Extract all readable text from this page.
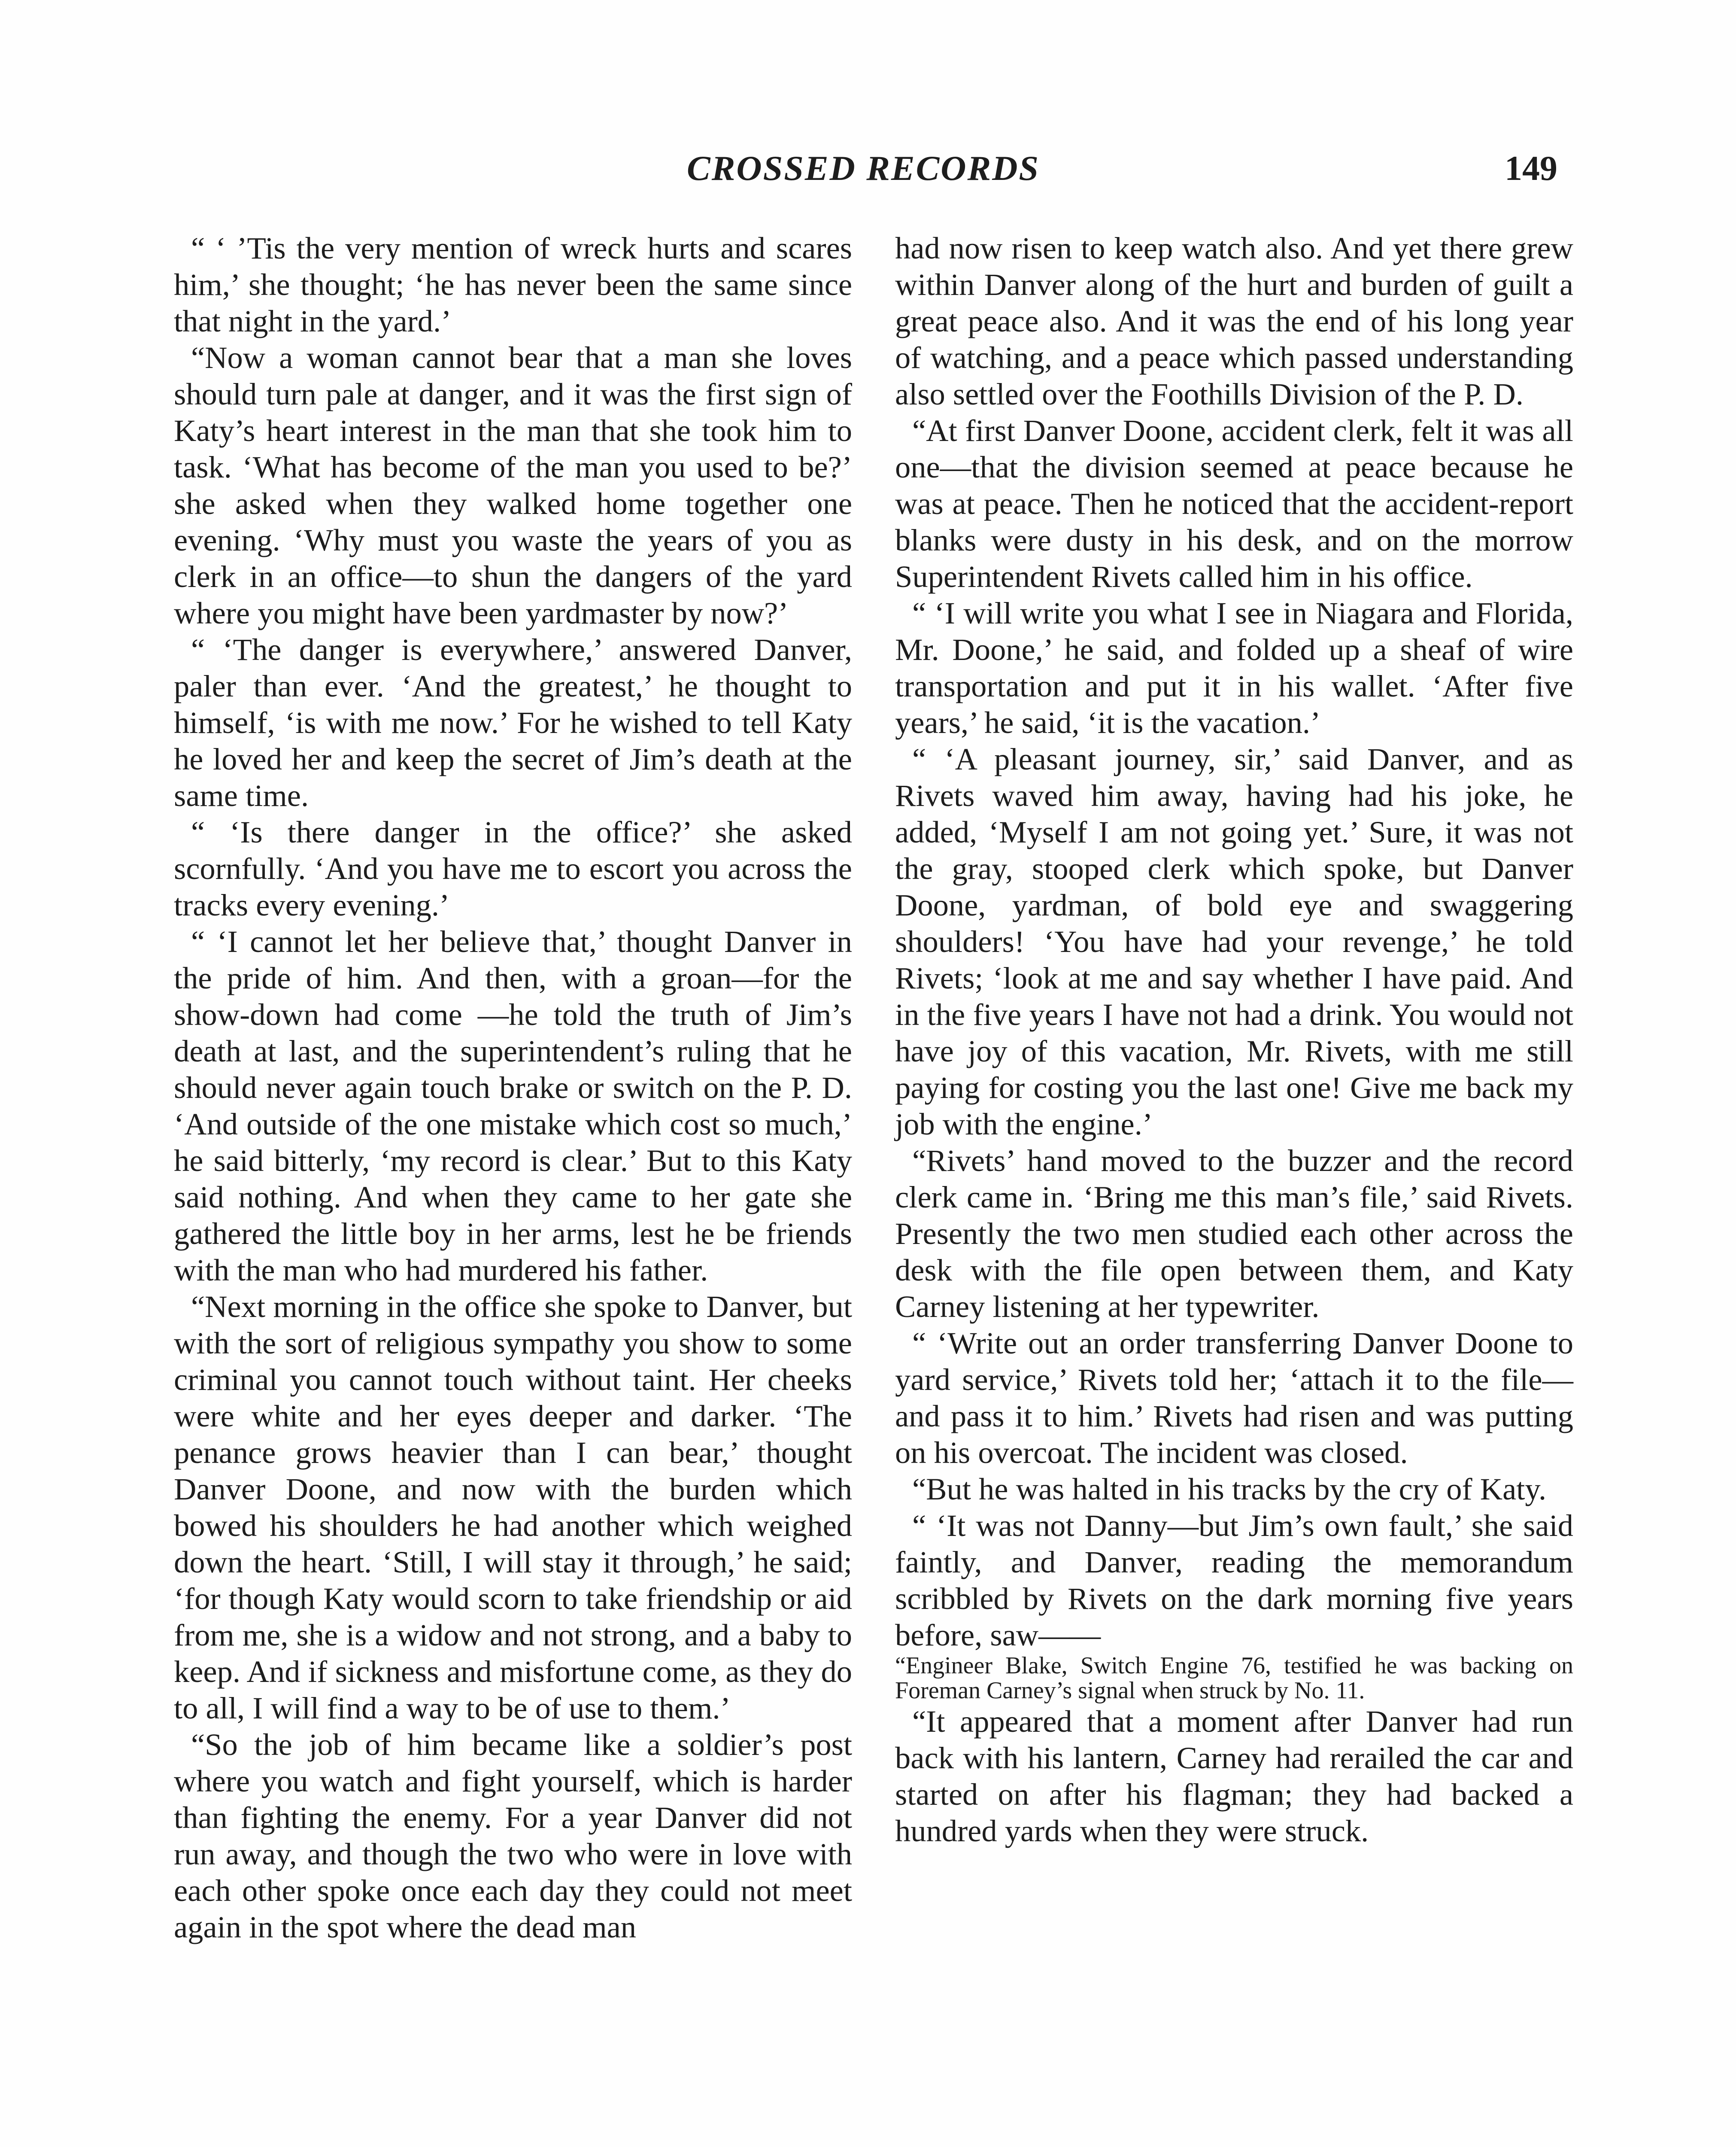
CROSSED RECORDS	149

“ ‘ ’Tis the very mention of wreck hurts and scares him,’ she thought; ‘he has never been the same since that night in the yard.’

“Now a woman cannot bear that a man she loves should turn pale at danger, and it was the first sign of Katy’s heart interest in the man that she took him to task. ‘What has become of the man you used to be?’ she asked when they walked home together one evening. ‘Why must you waste the years of you as clerk in an office—to shun the dangers of the yard where you might have been yardmaster by now?’

“ ‘The danger is everywhere,’ answered Danver, paler than ever. ‘And the greatest,’ he thought to himself, ‘is with me now.’ For he wished to tell Katy he loved her and keep the secret of Jim’s death at the same time.

“ ‘Is there danger in the office?’ she asked scornfully. ‘And you have me to escort you across the tracks every evening.’

“ ‘I cannot let her believe that,’ thought Danver in the pride of him. And then, with a groan—for the show-down had come —he told the truth of Jim’s death at last, and the superintendent’s ruling that he should never again touch brake or switch on the P. D. ‘And outside of the one mistake which cost so much,’ he said bitterly, ‘my record is clear.’ But to this Katy said nothing. And when they came to her gate she gathered the little boy in her arms, lest he be friends with the man who had murdered his father.

“Next morning in the office she spoke to Danver, but with the sort of religious sympathy you show to some criminal you cannot touch without taint. Her cheeks were white and her eyes deeper and darker. ‘The penance grows heavier than I can bear,’ thought Danver Doone, and now with the burden which bowed his shoulders he had another which weighed down the heart. ‘Still, I will stay it through,’ he said; ‘for though Katy would scorn to take friendship or aid from me, she is a widow and not strong, and a baby to keep. And if sickness and misfortune come, as they do to all, I will find a way to be of use to them.’

“So the job of him became like a soldier’s post where you watch and fight yourself, which is harder than fighting the enemy. For a year Danver did not run away, and though the two who were in love with each other spoke once each day they could not meet again in the spot where the dead man

had now risen to keep watch also. And yet there grew within Danver along of the hurt and burden of guilt a great peace also. And it was the end of his long year of watching, and a peace which passed understanding also settled over the Foothills Division of the P. D.

“At first Danver Doone, accident clerk, felt it was all one—that the division seemed at peace because he was at peace. Then he noticed that the accident-report blanks were dusty in his desk, and on the morrow Superintendent Rivets called him in his office.

“ ‘I will write you what I see in Niagara and Florida, Mr. Doone,’ he said, and folded up a sheaf of wire transportation and put it in his wallet. ‘After five years,’ he said, ‘it is the vacation.’

“ ‘A pleasant journey, sir,’ said Danver, and as Rivets waved him away, having had his joke, he added, ‘Myself I am not going yet.’ Sure, it was not the gray, stooped clerk which spoke, but Danver Doone, yardman, of bold eye and swaggering shoulders! ‘You have had your revenge,’ he told Rivets; ‘look at me and say whether I have paid. And in the five years I have not had a drink. You would not have joy of this vacation, Mr. Rivets, with me still paying for costing you the last one! Give me back my job with the engine.’

“Rivets’ hand moved to the buzzer and the record clerk came in. ‘Bring me this man’s file,’ said Rivets. Presently the two men studied each other across the desk with the file open between them, and Katy Carney listening at her typewriter.

“ ‘Write out an order transferring Danver Doone to yard service,’ Rivets told her; ‘attach it to the file—and pass it to him.’ Rivets had risen and was putting on his overcoat. The incident was closed.

“But he was halted in his tracks by the cry of Katy.

“ ‘It was not Danny—but Jim’s own fault,’ she said faintly, and Danver, reading the memorandum scribbled by Rivets on the dark morning five years before, saw——

“Engineer Blake, Switch Engine 76, testified he was backing on Foreman Carney’s signal when struck by No. 11.

“It appeared that a moment after Danver had run back with his lantern, Carney had rerailed the car and started on after his flagman; they had backed a hundred yards when they were struck.
